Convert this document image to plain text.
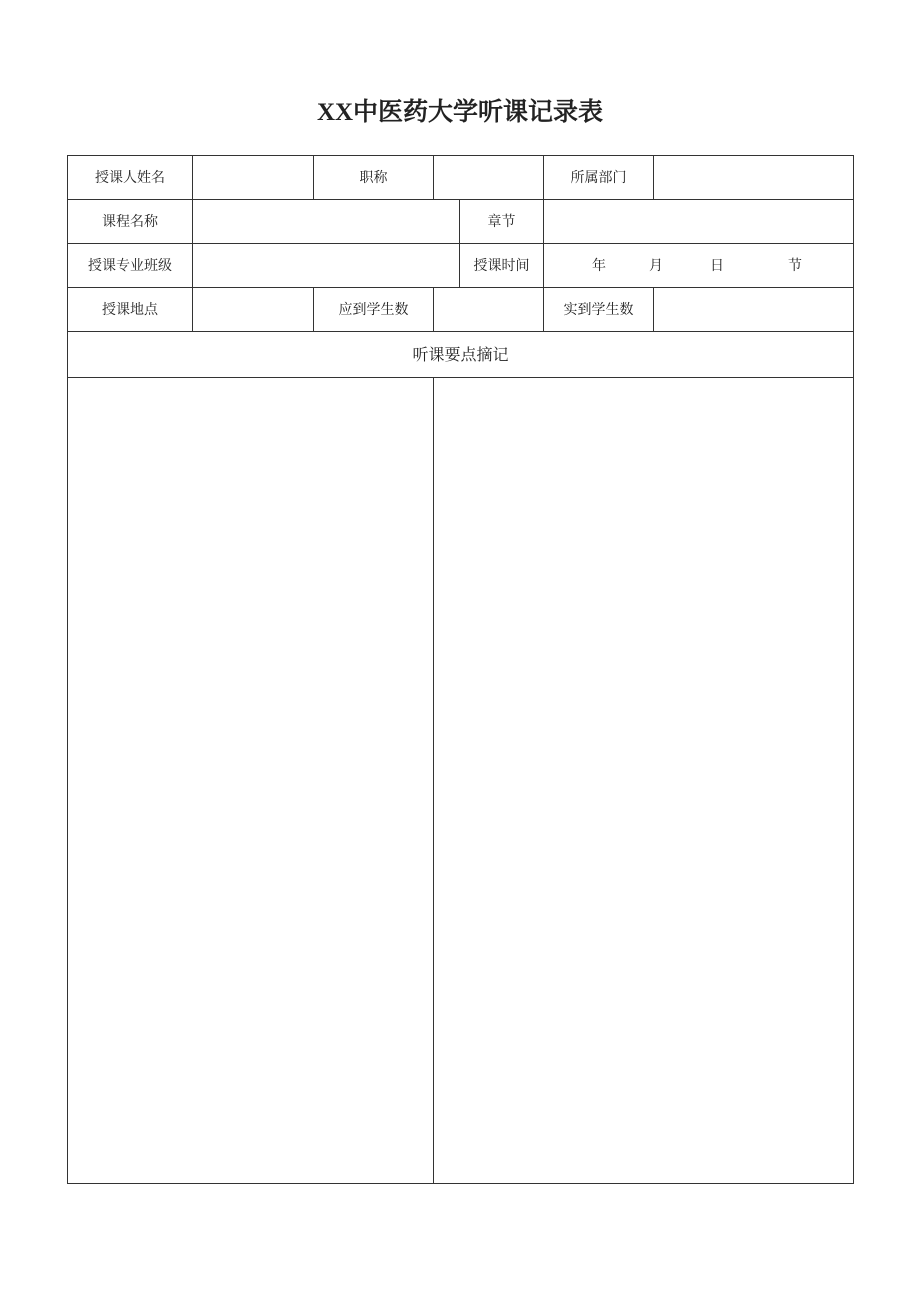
XX中医药大学听课记录表
授课人姓名		职称			所属部门	
课程名称				章节		
授课专业班级				授课时间	年 月 日 节	

授课地点		应到学生数			实到学生数	
听课要点摘记						
